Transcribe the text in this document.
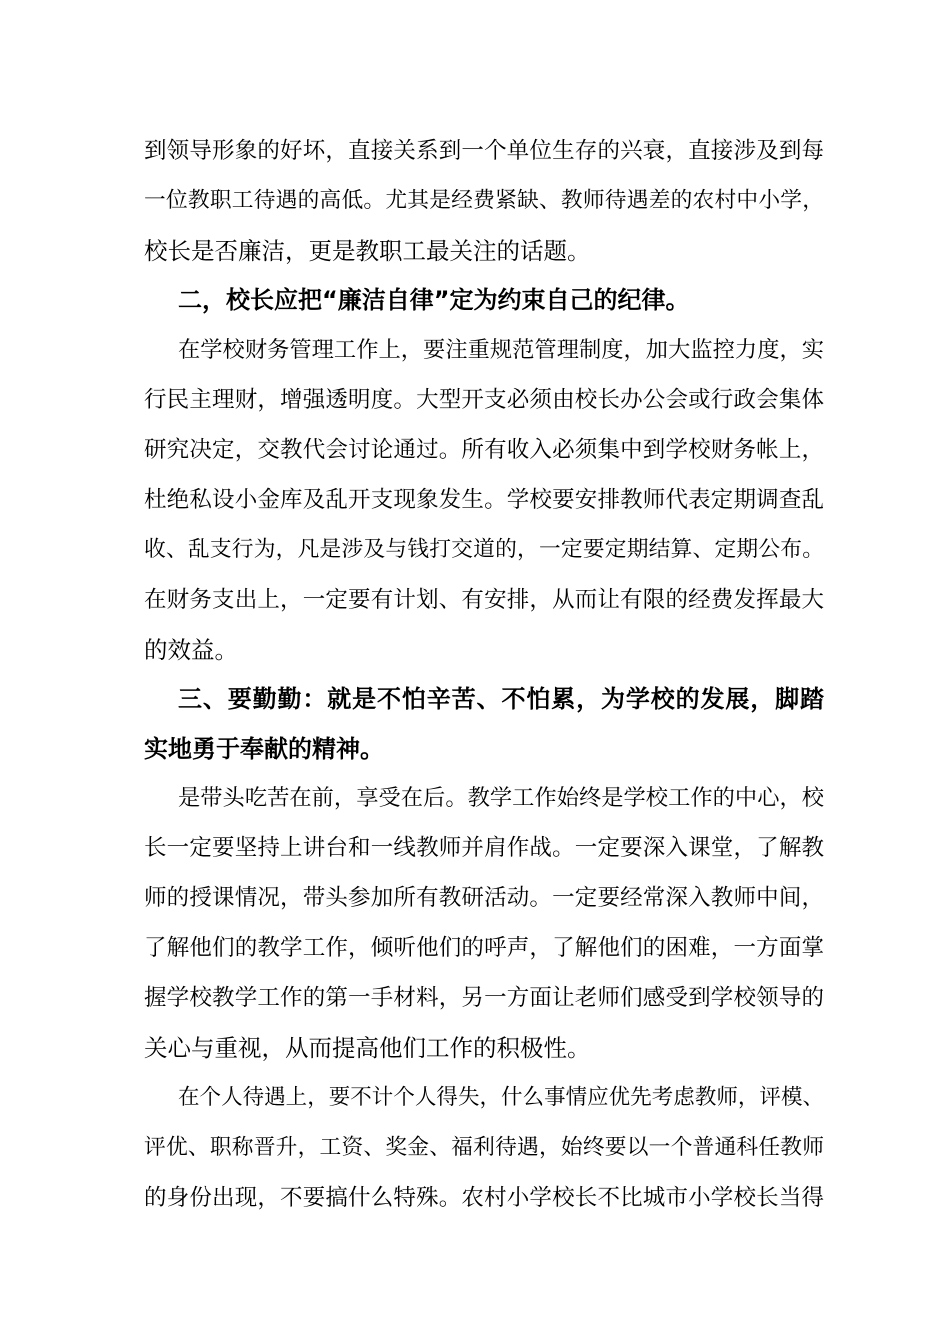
到领导形象的好坏，直接关系到一个单位生存的兴衰，直接涉及到每
一位教职工待遇的高低。尤其是经费紧缺、教师待遇差的农村中小学，
校长是否廉洁，更是教职工最关注的话题。
二，校长应把“廉洁自律”定为约束自己的纪律。
在学校财务管理工作上，要注重规范管理制度，加大监控力度，实
行民主理财，增强透明度。大型开支必须由校长办公会或行政会集体
研究决定，交教代会讨论通过。所有收入必须集中到学校财务帐上，
杜绝私设小金库及乱开支现象发生。学校要安排教师代表定期调查乱
收、乱支行为，凡是涉及与钱打交道的，一定要定期结算、定期公布。
在财务支出上，一定要有计划、有安排，从而让有限的经费发挥最大
的效益。
三、要勤勤：就是不怕辛苦、不怕累，为学校的发展，脚踏
实地勇于奉献的精神。
是带头吃苦在前，享受在后。教学工作始终是学校工作的中心，校
长一定要坚持上讲台和一线教师并肩作战。一定要深入课堂，了解教
师的授课情况，带头参加所有教研活动。一定要经常深入教师中间，
了解他们的教学工作，倾听他们的呼声，了解他们的困难，一方面掌
握学校教学工作的第一手材料，另一方面让老师们感受到学校领导的
关心与重视，从而提高他们工作的积极性。
在个人待遇上，要不计个人得失，什么事情应优先考虑教师，评模、
评优、职称晋升，工资、奖金、福利待遇，始终要以一个普通科任教师
的身份出现，不要搞什么特殊。农村小学校长不比城市小学校长当得
